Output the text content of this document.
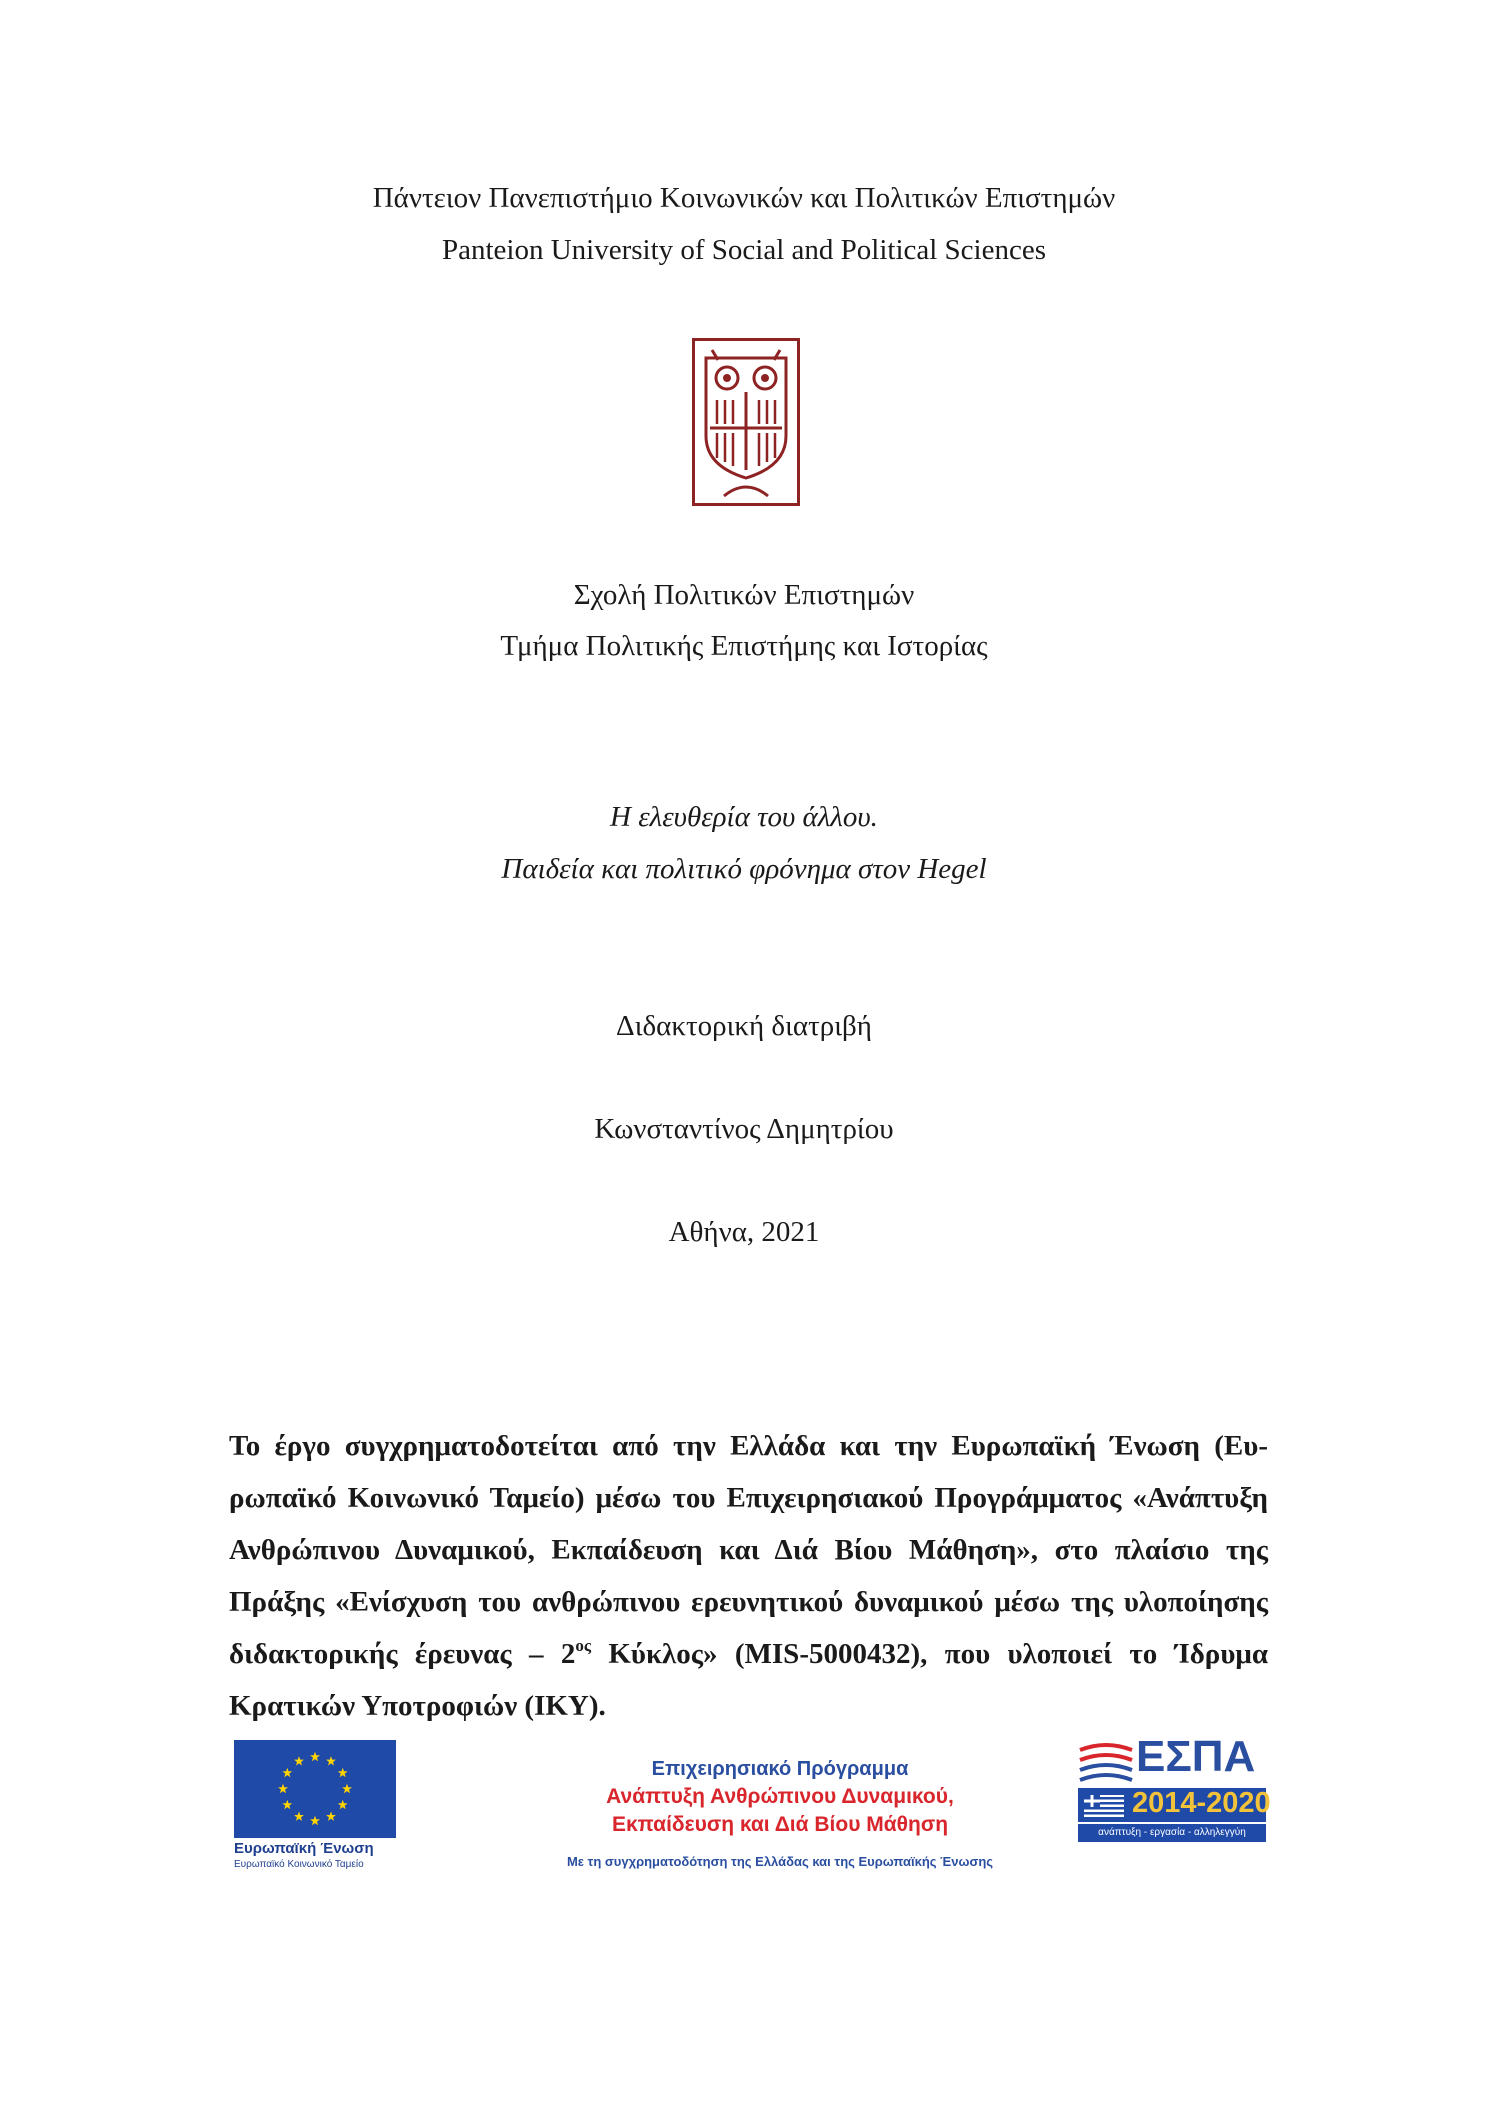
Πάντειον Πανεπιστήμιο Κοινωνικών και Πολιτικών Επιστημών
Panteion University of Social and Political Sciences
Σχολή Πολιτικών Επιστημών
Τμήμα Πολιτικής Επιστήμης και Ιστορίας
Η ελευθερία του άλλου.
Παιδεία και πολιτικό φρόνημα στον Hegel
Διδακτορική διατριβή
Κωνσταντίνος Δημητρίου
Αθήνα, 2021
Το έργο συγχρηματοδοτείται από την Ελλάδα και την Ευρωπαϊκή Ένωση (Ευρωπαϊκό Κοινωνικό Ταμείο) μέσω του Επιχειρησιακού Προγράμματος «Ανάπτυξη Ανθρώπινου Δυναμικού, Εκπαίδευση και Διά Βίου Μάθηση», στο πλαίσιο της Πράξης «Ενίσχυση του ανθρώπινου ερευνητικού δυναμικού μέσω της υλοποίησης διδακτορικής έρευνας – $2^{o\varsigma}$ Κύκλος» (MIS-5000432), που υλοποιεί το Ίδρυμα Κρατικών Υποτροφιών (ΙΚΥ).
Ευρωπαϊκή Ένωση
Ευρωπαϊκό Κοινωνικό Ταμείο
Επιχειρησιακό Πρόγραμμα
Ανάπτυξη Ανθρώπινου Δυναμικού,
Εκπαίδευση και Διά Βίου Μάθηση
Με τη συγχρηματοδότηση της Ελλάδας και της Ευρωπαϊκής Ένωσης
ΕΣΠΑ
2014-2020
ανάπτυξη - εργασία - αλληλεγγύη
